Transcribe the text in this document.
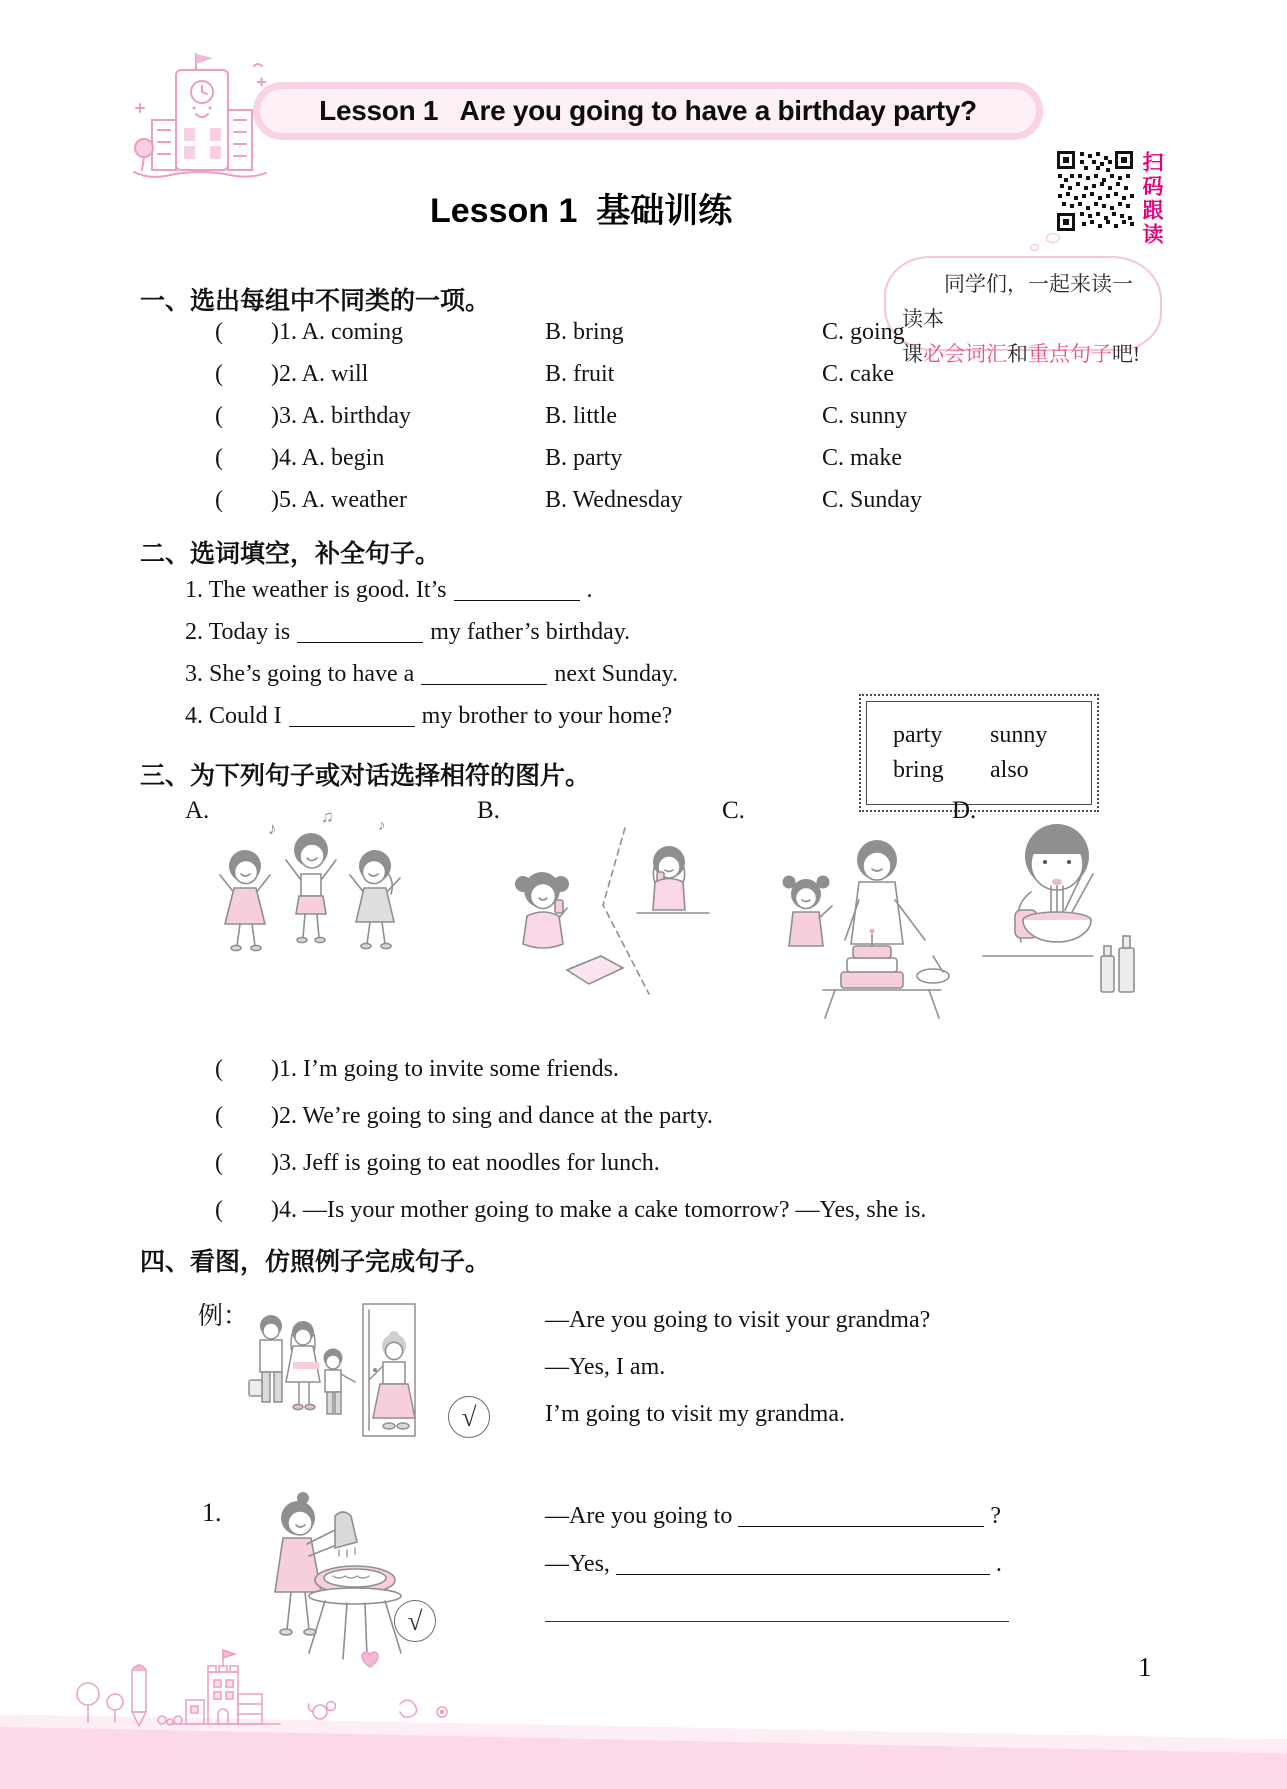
Lesson 1   Are you going to have a birthday party?
扫码跟读
Lesson 1  基础训练
同学们，一起来读一读本
课必会词汇和重点句子吧!
一、选出每组中不同类的一项。
(        )1. A. coming	B. bring	C. going
(        )2. A. will	B. fruit	C. cake
(        )3. A. birthday	B. little	C. sunny
(        )4. A. begin	B. party	C. make
(        )5. A. weather	B. Wednesday	C. Sunday
二、选词填空，补全句子。
1. The weather is good. It’s	.
2. Today is	my father’s birthday.
3. She’s going to have a	next Sunday.
4. Could I	my brother to your home?
party	sunny
bring	also
三、为下列句子或对话选择相符的图片。
A.	B.	C.	D.
♪
♫	♪
(        )1. I’m going to invite some friends.
(        )2. We’re going to sing and dance at the party.
(        )3. Jeff is going to eat noodles for lunch.
(        )4. —Is your mother going to make a cake tomorrow? —Yes, she is.
四、看图，仿照例子完成句子。
例：
√
—Are you going to visit your grandma?
—Yes, I am.
I’m going to visit my grandma.
1.
√
—Are you going to	?
—Yes,	.
1
